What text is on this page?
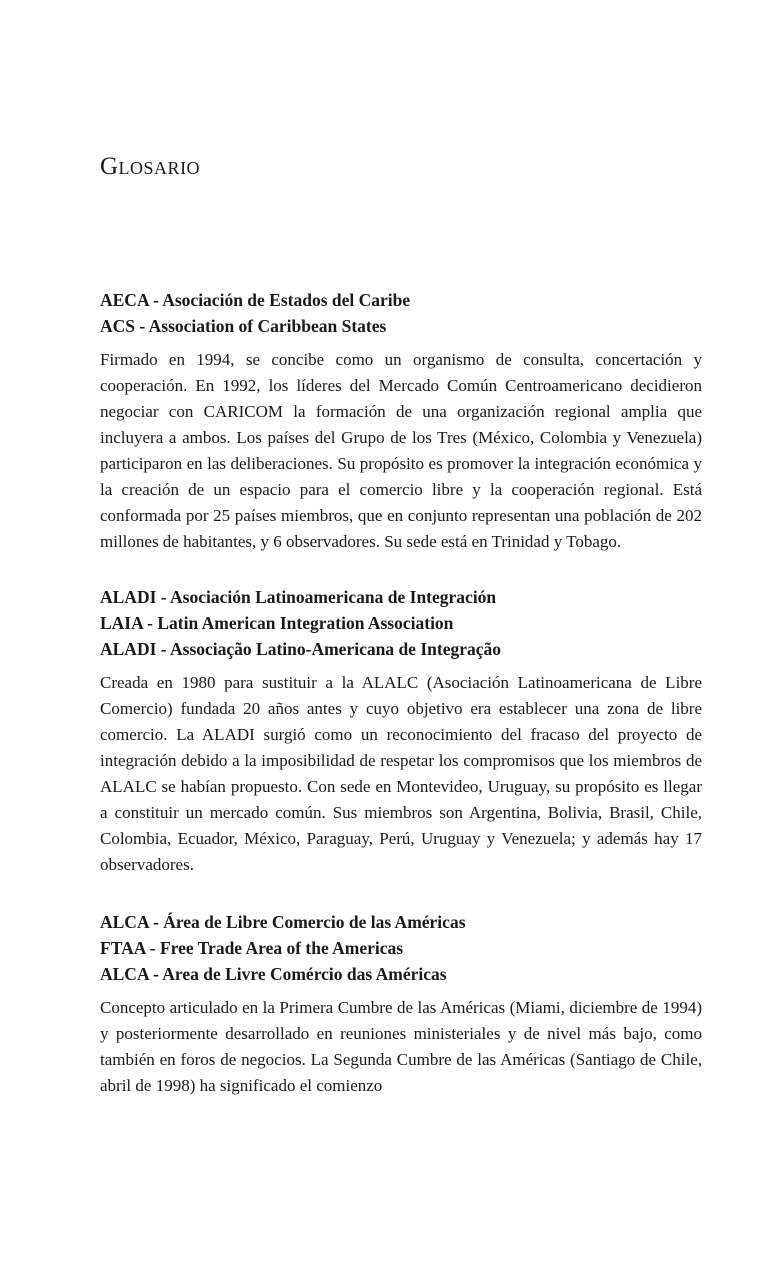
Glosario

AECA - Asociación de Estados del Caribe

ACS - Association of Caribbean States

Firmado en 1994, se concibe como un organismo de consulta, concertación y cooperación. En 1992, los líderes del Mercado Común Centroamericano decidieron negociar con CARICOM la formación de una organización regional amplia que incluyera a ambos. Los países del Grupo de los Tres (México, Colombia y Venezuela) participaron en las deliberaciones. Su propósito es promover la integración económica y la creación de un espacio para el comercio libre y la cooperación regional. Está conformada por 25 países miembros, que en conjunto representan una población de 202 millones de habitantes, y 6 observadores. Su sede está en Trinidad y Tobago.

ALADI - Asociación Latinoamericana de Integración

LAIA - Latin American Integration Association

ALADI - Associação Latino-Americana de Integração

Creada en 1980 para sustituir a la ALALC (Asociación Latinoamericana de Libre Comercio) fundada 20 años antes y cuyo objetivo era establecer una zona de libre comercio. La ALADI surgió como un reconocimiento del fracaso del proyecto de integración debido a la imposibilidad de respetar los compromisos que los miembros de ALALC se habían propuesto. Con sede en Montevideo, Uruguay, su propósito es llegar a constituir un mercado común. Sus miembros son Argentina, Bolivia, Brasil, Chile, Colombia, Ecuador, México, Paraguay, Perú, Uruguay y Venezuela; y además hay 17 observadores.

ALCA - Área de Libre Comercio de las Américas

FTAA - Free Trade Area of the Americas

ALCA - Area de Livre Comércio das Américas

Concepto articulado en la Primera Cumbre de las Américas (Miami, diciembre de 1994) y posteriormente desarrollado en reuniones ministeriales y de nivel más bajo, como también en foros de negocios. La Segunda Cumbre de las Américas (Santiago de Chile, abril de 1998) ha significado el comienzo
